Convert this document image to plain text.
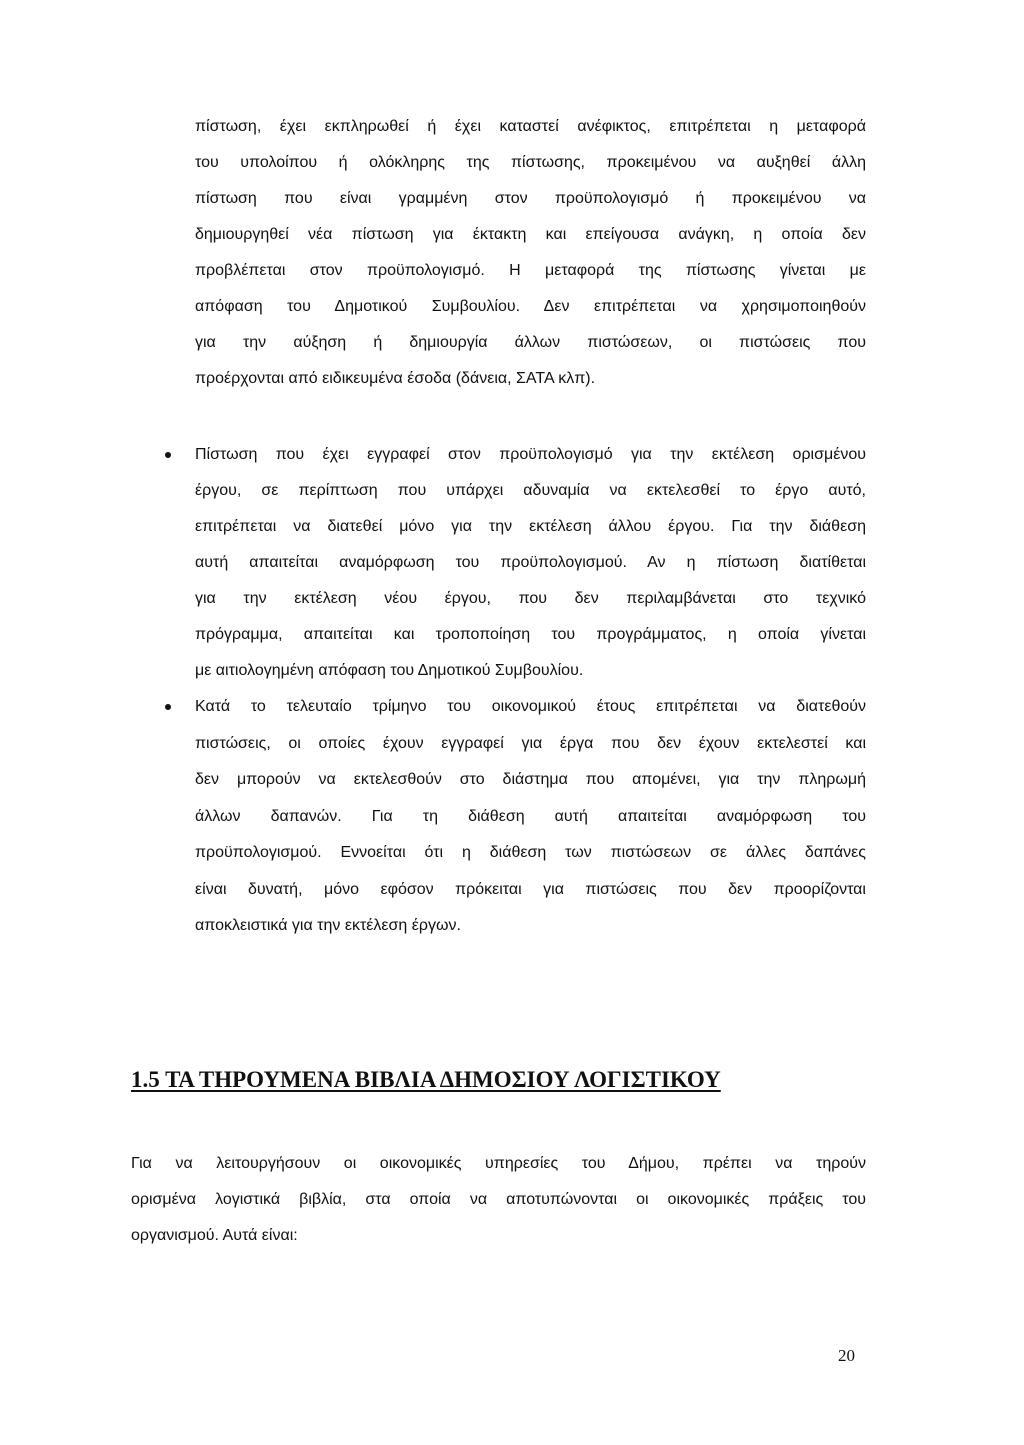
πίστωση, έχει εκπληρωθεί ή έχει καταστεί ανέφικτος, επιτρέπεται η μεταφορά
του υπολοίπου ή ολόκληρης της πίστωσης, προκειμένου να αυξηθεί άλλη
πίστωση που είναι γραμμένη στον προϋπολογισμό ή προκειμένου να
δημιουργηθεί νέα πίστωση για έκτακτη και επείγουσα ανάγκη, η οποία δεν
προβλέπεται στον προϋπολογισμό. Η μεταφορά της πίστωσης γίνεται με
απόφαση του Δημοτικού Συμβουλίου. Δεν επιτρέπεται να χρησιμοποιηθούν
για την αύξηση ή δημιουργία άλλων πιστώσεων, οι πιστώσεις που
προέρχονται από ειδικευμένα έσοδα (δάνεια, ΣΑΤΑ κλπ).
Πίστωση που έχει εγγραφεί στον προϋπολογισμό για την εκτέλεση ορισμένου
έργου, σε περίπτωση που υπάρχει αδυναμία να εκτελεσθεί το έργο αυτό,
επιτρέπεται να διατεθεί μόνο για την εκτέλεση άλλου έργου. Για την διάθεση
αυτή απαιτείται αναμόρφωση του προϋπολογισμού. Αν η πίστωση διατίθεται
για την εκτέλεση νέου έργου, που δεν περιλαμβάνεται στο τεχνικό
πρόγραμμα, απαιτείται και τροποποίηση του προγράμματος, η οποία γίνεται
με αιτιολογημένη απόφαση του Δημοτικού Συμβουλίου.
Κατά το τελευταίο τρίμηνο του οικονομικού έτους επιτρέπεται να διατεθούν
πιστώσεις, οι οποίες έχουν εγγραφεί για έργα που δεν έχουν εκτελεστεί και
δεν μπορούν να εκτελεσθούν στο διάστημα που απομένει, για την πληρωμή
άλλων δαπανών. Για τη διάθεση αυτή απαιτείται αναμόρφωση του
προϋπολογισμού. Εννοείται ότι η διάθεση των πιστώσεων σε άλλες δαπάνες
είναι δυνατή, μόνο εφόσον πρόκειται για πιστώσεις που δεν προορίζονται
αποκλειστικά για την εκτέλεση έργων.
1.5 ΤΑ ΤΗΡΟΥΜΕΝΑ ΒΙΒΛΙΑ ΔΗΜΟΣΙΟΥ ΛΟΓΙΣΤΙΚΟΥ
Για να λειτουργήσουν οι οικονομικές υπηρεσίες του Δήμου, πρέπει να τηρούν
ορισμένα λογιστικά βιβλία, στα οποία να αποτυπώνονται οι οικονομικές πράξεις του
οργανισμού. Αυτά είναι:
20
